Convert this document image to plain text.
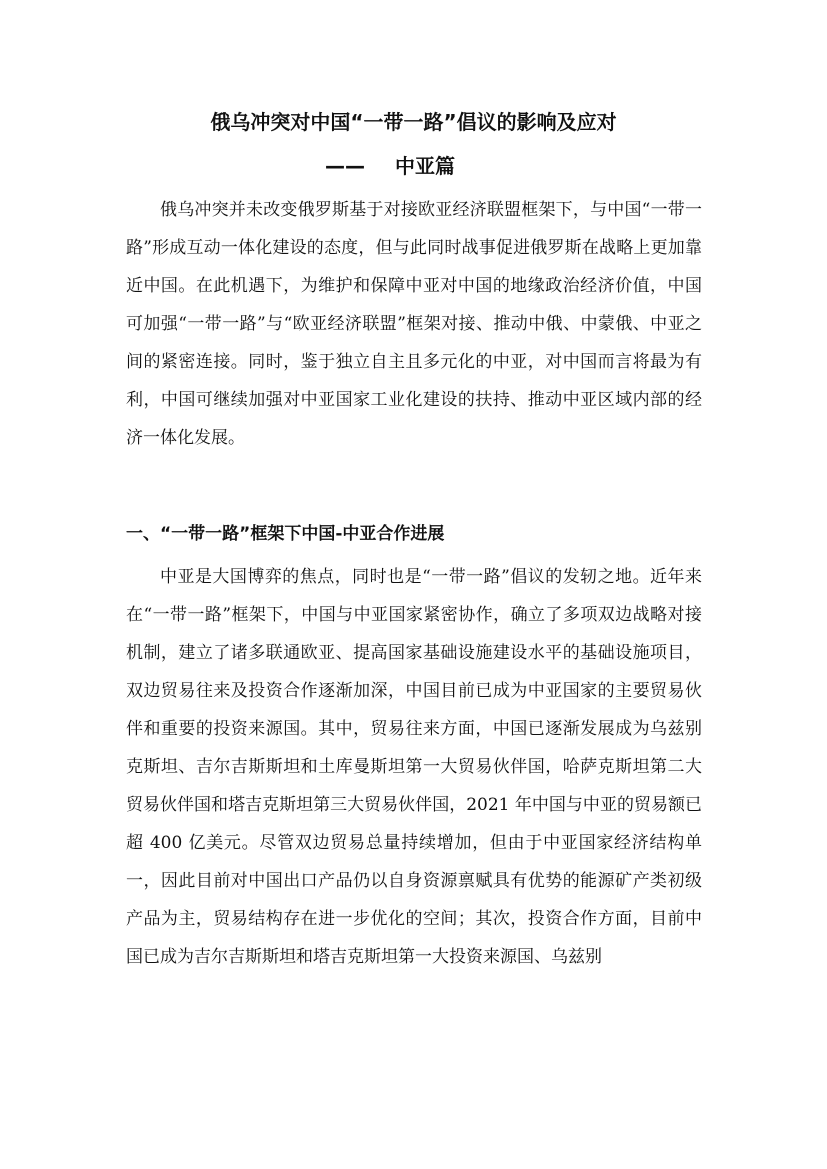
俄乌冲突对中国“一带一路”倡议的影响及应对
—— 中亚篇

俄乌冲突并未改变俄罗斯基于对接欧亚经济联盟框架下，与中国“一带一路”形成互动一体化建设的态度，但与此同时战事促进俄罗斯在战略上更加靠近中国。在此机遇下，为维护和保障中亚对中国的地缘政治经济价值，中国可加强“一带一路”与“欧亚经济联盟”框架对接、推动中俄、中蒙俄、中亚之间的紧密连接。同时，鉴于独立自主且多元化的中亚，对中国而言将最为有利，中国可继续加强对中亚国家工业化建设的扶持、推动中亚区域内部的经济一体化发展。

一、“一带一路”框架下中国-中亚合作进展

中亚是大国博弈的焦点，同时也是“一带一路”倡议的发轫之地。近年来在“一带一路”框架下，中国与中亚国家紧密协作，确立了多项双边战略对接机制，建立了诸多联通欧亚、提高国家基础设施建设水平的基础设施项目，双边贸易往来及投资合作逐渐加深，中国目前已成为中亚国家的主要贸易伙伴和重要的投资来源国。其中，贸易往来方面，中国已逐渐发展成为乌兹别克斯坦、吉尔吉斯斯坦和土库曼斯坦第一大贸易伙伴国，哈萨克斯坦第二大贸易伙伴国和塔吉克斯坦第三大贸易伙伴国，2021 年中国与中亚的贸易额已超 400 亿美元。尽管双边贸易总量持续增加，但由于中亚国家经济结构单一，因此目前对中国出口产品仍以自身资源禀赋具有优势的能源矿产类初级产品为主，贸易结构存在进一步优化的空间；其次，投资合作方面，目前中国已成为吉尔吉斯斯坦和塔吉克斯坦第一大投资来源国、乌兹别
